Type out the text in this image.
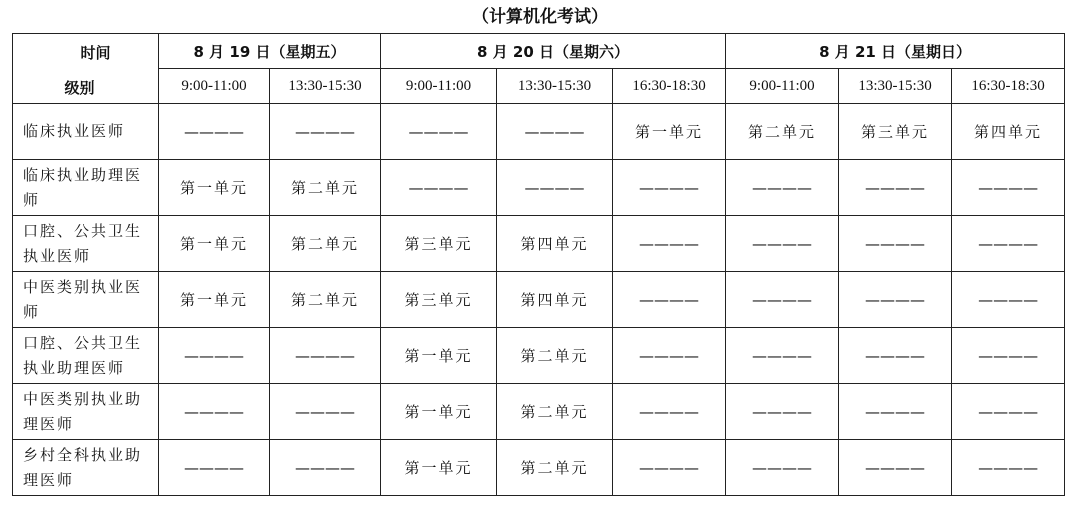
（计算机化考试）
时间
级别	8 月 19 日（星期五）		8 月 20 日（星期六）			8 月 21 日（星期日）		
	9:00-11:00	13:30-15:30	9:00-11:00	13:30-15:30	16:30-18:30	9:00-11:00	13:30-15:30	16:30-18:30
临床执业医师	————	————	————	————	第一单元	第二单元	第三单元	第四单元
临床执业助理医师	第一单元	第二单元	————	————	————	————	————	————
口腔、公共卫生执业医师	第一单元	第二单元	第三单元	第四单元	————	————	————	————
中医类别执业医师	第一单元	第二单元	第三单元	第四单元	————	————	————	————
口腔、公共卫生执业助理医师	————	————	第一单元	第二单元	————	————	————	————
中医类别执业助理医师	————	————	第一单元	第二单元	————	————	————	————
乡村全科执业助理医师	————	————	第一单元	第二单元	————	————	————	————
